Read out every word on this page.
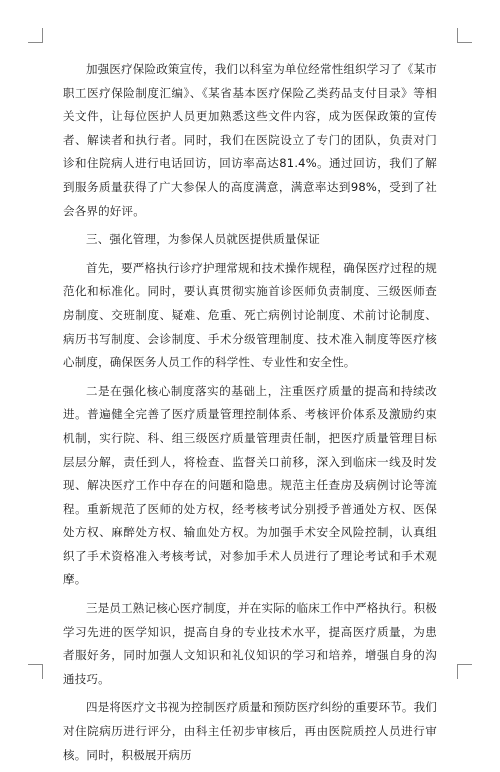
加强医疗保险政策宣传，我们以科室为单位经常性组织学习了《某市职工医疗保险制度汇编》、《某省基本医疗保险乙类药品支付目录》等相关文件，让每位医护人员更加熟悉这些文件内容，成为医保政策的宣传者、解读者和执行者。同时，我们在医院设立了专门的团队，负责对门诊和住院病人进行电话回访，回访率高达81.4%。通过回访，我们了解到服务质量获得了广大参保人的高度满意，满意率达到98%，受到了社会各界的好评。

三、强化管理，为参保人员就医提供质量保证

首先，要严格执行诊疗护理常规和技术操作规程，确保医疗过程的规范化和标准化。同时，要认真贯彻实施首诊医师负责制度、三级医师查房制度、交班制度、疑难、危重、死亡病例讨论制度、术前讨论制度、病历书写制度、会诊制度、手术分级管理制度、技术准入制度等医疗核心制度，确保医务人员工作的科学性、专业性和安全性。

二是在强化核心制度落实的基础上，注重医疗质量的提高和持续改进。普遍健全完善了医疗质量管理控制体系、考核评价体系及激励约束机制，实行院、科、组三级医疗质量管理责任制，把医疗质量管理目标层层分解，责任到人，将检查、监督关口前移，深入到临床一线及时发现、解决医疗工作中存在的问题和隐患。规范主任查房及病例讨论等流程。重新规范了医师的处方权，经考核考试分别授予普通处方权、医保处方权、麻醉处方权、输血处方权。为加强手术安全风险控制，认真组织了手术资格准入考核考试，对参加手术人员进行了理论考试和手术观摩。

三是员工熟记核心医疗制度，并在实际的临床工作中严格执行。积极学习先进的医学知识，提高自身的专业技术水平，提高医疗质量，为患者服好务，同时加强人文知识和礼仪知识的学习和培养，增强自身的沟通技巧。

四是将医疗文书视为控制医疗质量和预防医疗纠纷的重要环节。我们对住院病历进行评分，由科主任初步审核后，再由医院质控人员进行审核。同时，积极展开病历
